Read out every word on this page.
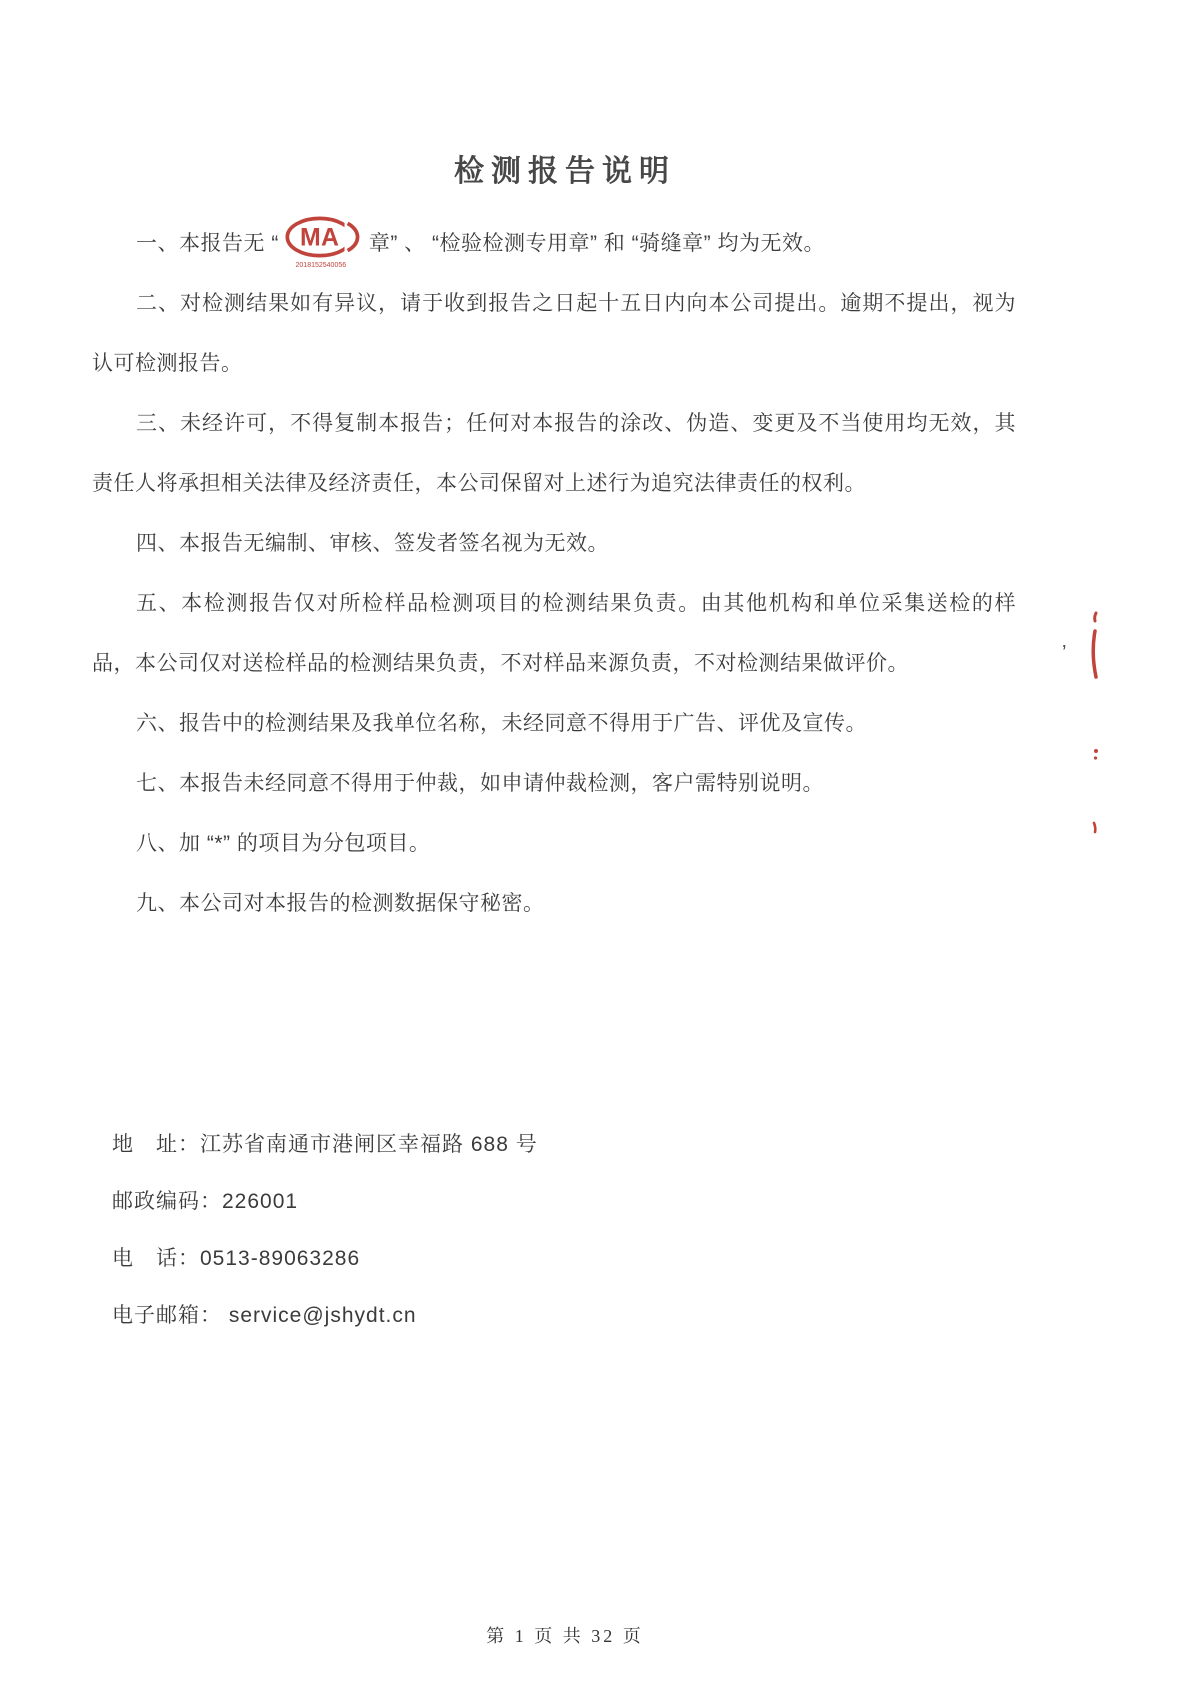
检测报告说明

一、本报告无 “ MA
2018152540056
章” 、 “检验检测专用章” 和 “骑缝章” 均为无效。

二、对检测结果如有异议，请于收到报告之日起十五日内向本公司提出。逾期不提出，视为认可检测报告。

三、未经许可，不得复制本报告；任何对本报告的涂改、伪造、变更及不当使用均无效，其责任人将承担相关法律及经济责任，本公司保留对上述行为追究法律责任的权利。

四、本报告无编制、审核、签发者签名视为无效。

五、本检测报告仅对所检样品检测项目的检测结果负责。由其他机构和单位采集送检的样品，本公司仅对送检样品的检测结果负责，不对样品来源负责，不对检测结果做评价。

六、报告中的检测结果及我单位名称，未经同意不得用于广告、评优及宣传。

七、本报告未经同意不得用于仲裁，如申请仲裁检测，客户需特别说明。

八、加 “*” 的项目为分包项目。

九、本公司对本报告的检测数据保守秘密。

地　址：江苏省南通市港闸区幸福路 688 号

邮政编码：226001

电　话：0513-89063286

电子邮箱： service@jshydt.cn

’
第 1 页 共 32 页
